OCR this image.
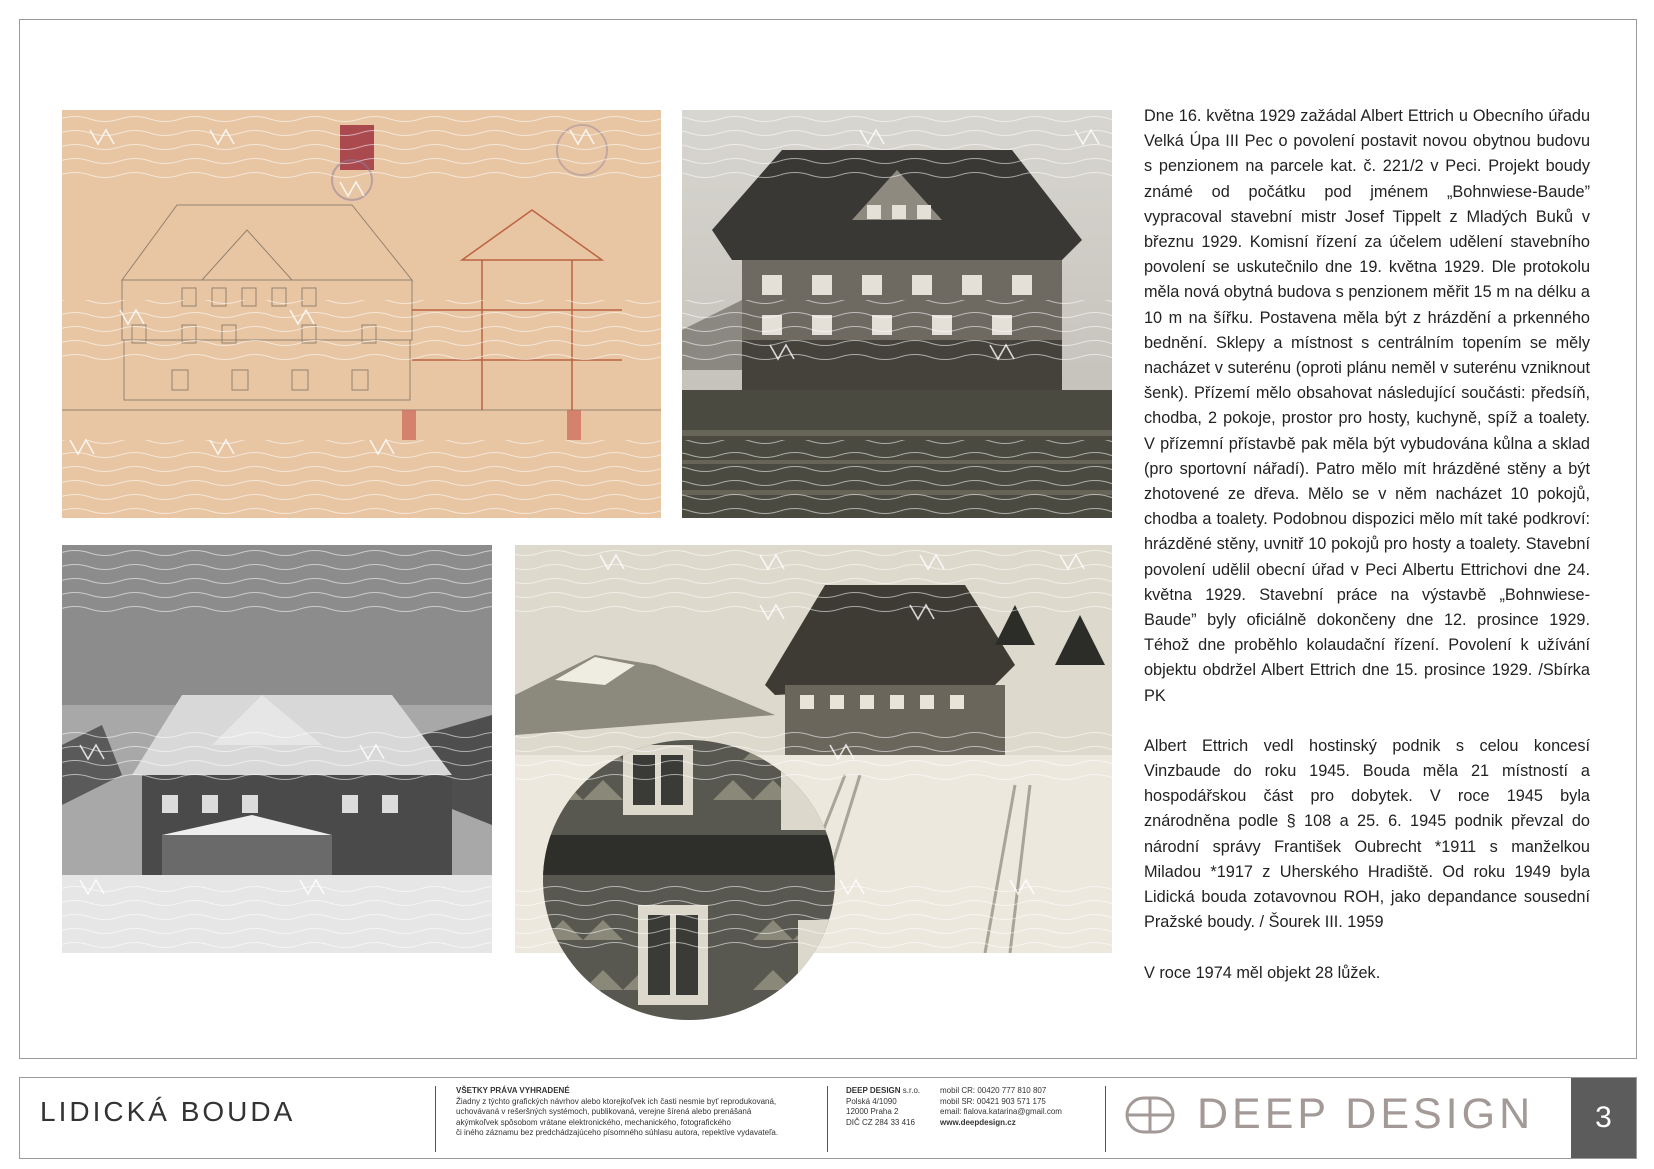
Dne 16. května 1929 zažádal Albert Ettrich u Obecního úřadu Velká Úpa III Pec o povolení postavit novou obytnou budovu s penzionem na parcele kat. č. 221/2 v Peci. Projekt boudy známé od počátku pod jménem „Bohnwiese-Baude” vypracoval stavební mistr Josef Tippelt z Mladých Buků v březnu 1929. Komisní řízení za účelem udělení stavebního povolení se uskutečnilo dne 19. května 1929. Dle protokolu měla nová obytná budova s penzionem měřit 15 m na délku a 10 m na šířku. Postavena měla být z hrázdění a prkenného bednění. Sklepy a místnost s centrálním topením se měly nacházet v suterénu (oproti plánu neměl v suterénu vzniknout šenk). Přízemí mělo obsahovat následující součásti: předsíň, chodba, 2 pokoje, prostor pro hosty, kuchyně, spíž a toalety. V přízemní přístavbě pak měla být vybudována kůlna a sklad (pro sportovní nářadí). Patro mělo mít hrázděné stěny a být zhotovené ze dřeva. Mělo se v něm nacházet 10 pokojů, chodba a toalety. Podobnou dispozici mělo mít také podkroví: hrázděné stěny, uvnitř 10 pokojů pro hosty a toalety. Stavební povolení udělil obecní úřad v Peci Albertu Ettrichovi dne 24. května 1929. Stavební práce na výstavbě „Bohnwiese-Baude” byly oficiálně dokončeny dne 12. prosince 1929. Téhož dne proběhlo kolaudační řízení. Povolení k užívání objektu obdržel Albert Ettrich dne 15. prosince 1929. /Sbírka PK

Albert Ettrich vedl hostinský podnik s celou koncesí Vinzbaude do roku 1945. Bouda měla 21 místností a hospodářskou část pro dobytek. V roce 1945 byla znárodněna podle § 108 a 25. 6. 1945 podnik převzal do národní správy František Oubrecht *1911 s manželkou Miladou *1917 z Uherského Hradiště. Od roku 1949 byla Lidická bouda zotavovnou ROH, jako depandance sousední Pražské boudy. / Šourek III. 1959

V roce 1974 měl objekt 28 lůžek.

LIDICKÁ BOUDA
VŠETKY PRÁVA VYHRADENÉ
Žiadny z týchto grafických návrhov alebo ktorejkoľvek ich časti nesmie byť reprodukovaná,
uchovávaná v rešeršných systémoch, publikovaná, verejne šírená alebo prenášaná
akýmkoľvek spôsobom vrátane elektronického, mechanického, fotografického
či iného záznamu bez predchádzajúceho písomného súhlasu autora, repektíve vydavateľa.
DEEP DESIGN s.r.o.
Polská 4/1090
12000 Praha 2
DIČ CZ 284 33 416
mobil CR: 00420 777 810 807
mobil SR: 00421 903 571 175
email: fialova.katarina@gmail.com
www.deepdesign.cz	DEEP DESIGN	3
